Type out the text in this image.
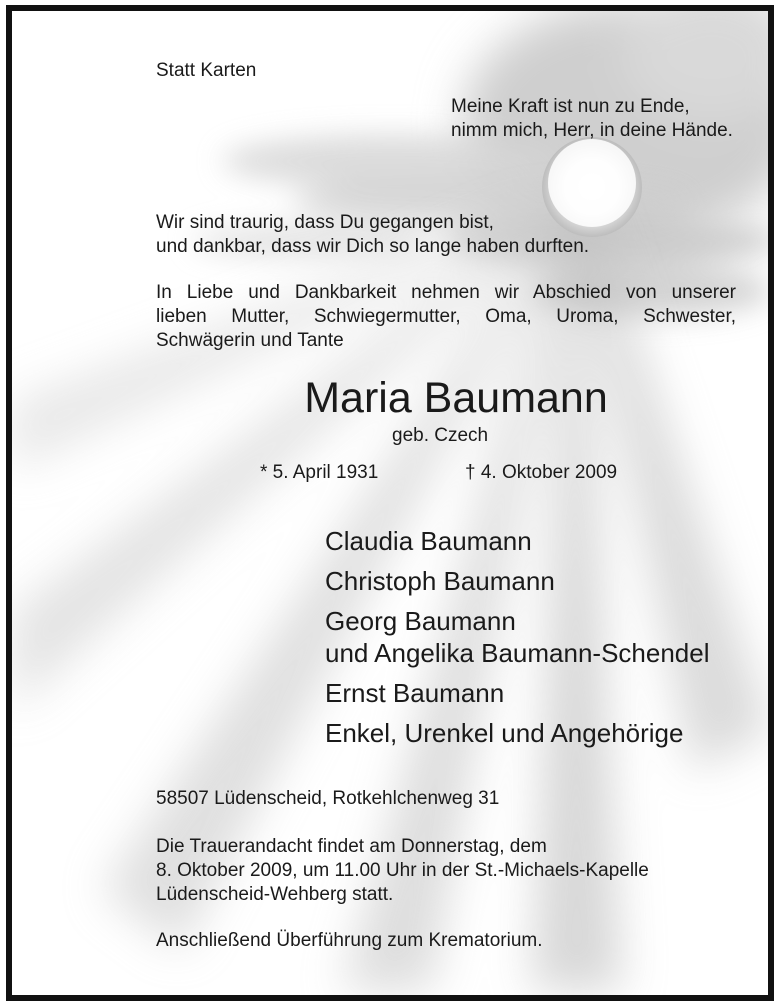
Statt Karten

Meine Kraft ist nun zu Ende,
nimm mich, Herr, in deine Hände.
Wir sind traurig, dass Du gegangen bist,
und dankbar, dass wir Dich so lange haben durften.
In Liebe und Dankbarkeit nehmen wir Abschied von unserer
lieben Mutter, Schwiegermutter, Oma, Uroma, Schwester,
Schwägerin und Tante
Maria Baumann
geb. Czech
* 5. April 1931	† 4. Oktober 2009
Claudia Baumann
Christoph Baumann
Georg Baumann
und Angelika Baumann-Schendel
Ernst Baumann
Enkel, Urenkel und Angehörige

58507 Lüdenscheid, Rotkehlchenweg 31

Die Trauerandacht findet am Donnerstag, dem
8. Oktober 2009, um 11.00 Uhr in der St.-Michaels-Kapelle
Lüdenscheid-Wehberg statt.

Anschließend Überführung zum Krematorium.
